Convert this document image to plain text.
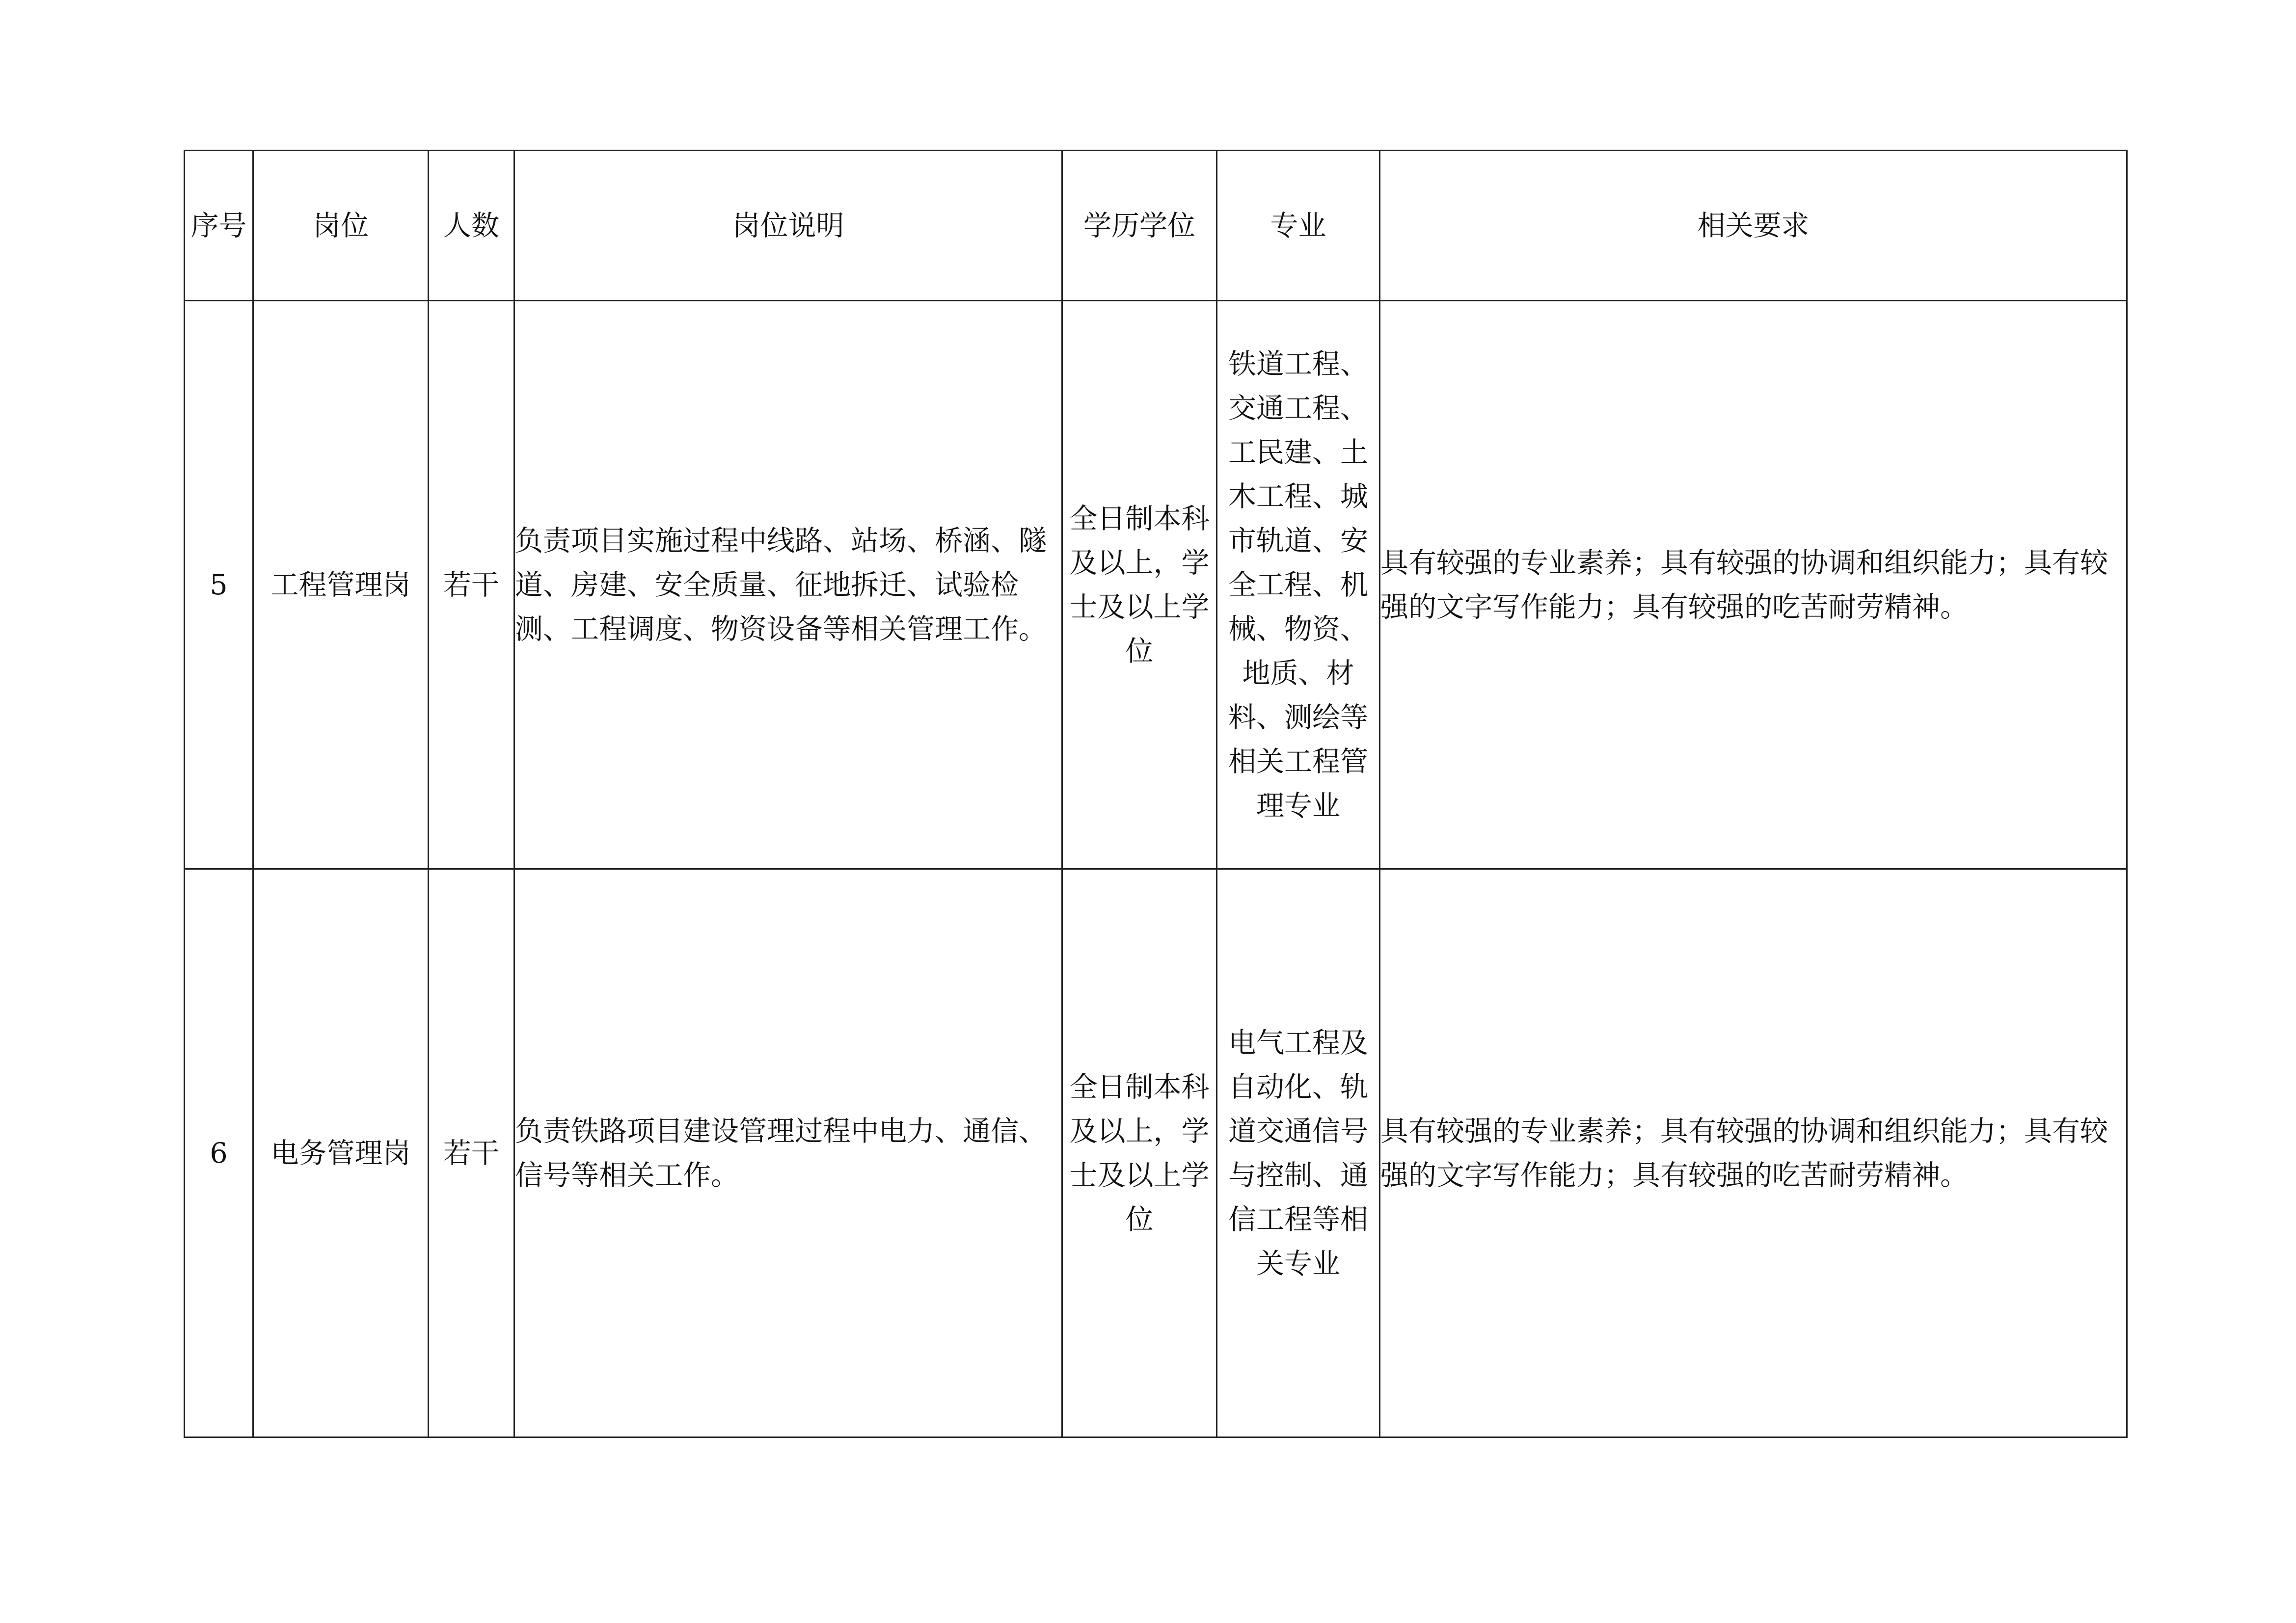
序号	岗位	人数	岗位说明	学历学位	专业	相关要求
5	工程管理岗	若干	负责项目实施过程中线路、站场、桥涵、隧道、房建、安全质量、征地拆迁、试验检测、工程调度、物资设备等相关管理工作。	全日制本科及以上，学士及以上学位	铁道工程、交通工程、工民建、土木工程、城市轨道、安全工程、机械、物资、地质、材料、测绘等相关工程管理专业	具有较强的专业素养；具有较强的协调和组织能力；具有较强的文字写作能力；具有较强的吃苦耐劳精神。
6	电务管理岗	若干	负责铁路项目建设管理过程中电力、通信、信号等相关工作。	全日制本科及以上，学士及以上学位	电气工程及自动化、轨道交通信号与控制、通信工程等相关专业	具有较强的专业素养；具有较强的协调和组织能力；具有较强的文字写作能力；具有较强的吃苦耐劳精神。
